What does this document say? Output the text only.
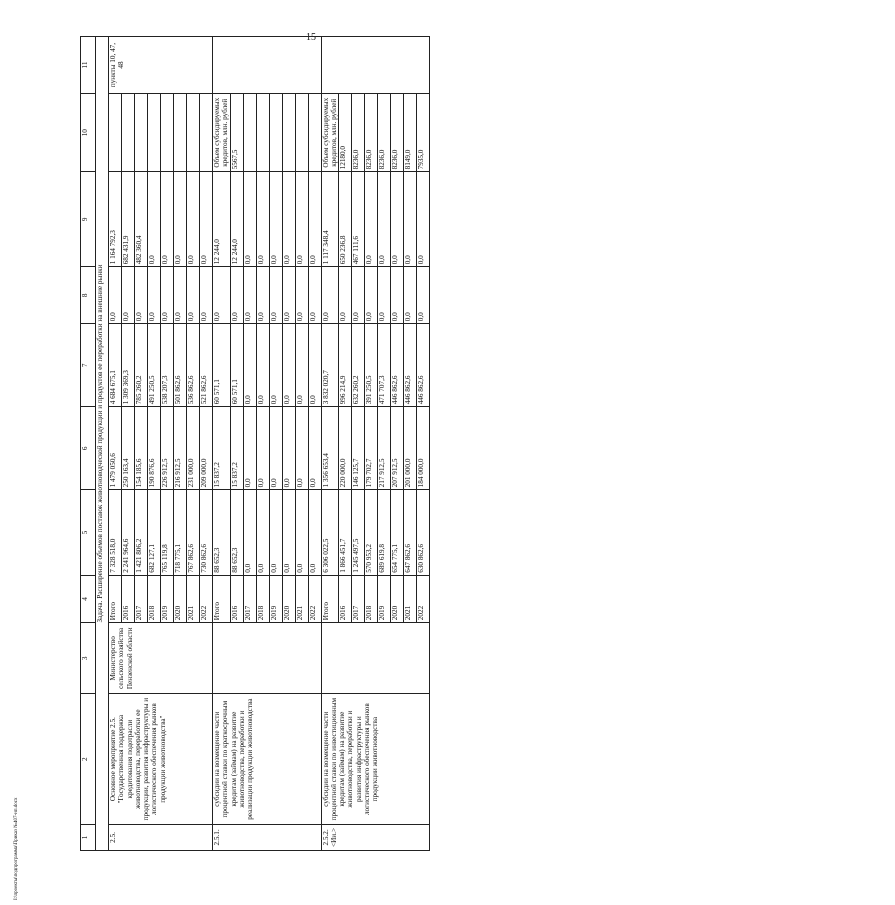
15
I:\проекты\подпрограмма\Приказ №407-нп.docx	1	2	3	4	5	6	7	8	9	10	11
Задача. Расширение объемов поставок животноводческой продукции и продуктов ее переработки на внешние рынки										
2.5.	Основное мероприятие 2.5. "Государственная поддержка кредитования подотрасли животноводства, переработки ее продукции, развития инфраструктуры и логистического обеспечения рынков продукции животноводства"	Министерство сельского хозяйства Пензенской области	Итого	7 328 518,0	1 479 050,6	4 684 675,1	0,0	1 164 792,3		пункты 10, 47, 48
			2016	2 241 964,6	250 163,4	1 309 369,3	0,0	682 431,9		
			2017	1 421 806,2	154 185,6	785 260,2	0,0	482 360,4		
			2018	682 127,1	190 876,6	491 250,5	0,0	0,0		
			2019	765 119,8	226 912,5	538 207,3	0,0	0,0		
			2020	718 775,1	216 912,5	501 862,6	0,0	0,0		
			2021	767 862,6	231 000,0	536 862,6	0,0	0,0		
			2022	730 862,6	209 000,0	521 862,6	0,0	0,0		
2.5.1.	субсидии на возмещение части процентной ставки по краткосрочным кредитам (займам) на развитие животноводства, переработки и реализации продукции животноводства		Итого	88 652,3	15 837,2	60 571,1	0,0	12 244,0	Объем субсидируемых кредитов, млн. рублей	
			2016	88 652,3	15 837,2	60 571,1	0,0	12 244,0	5567,5	
			2017	0,0	0,0	0,0	0,0	0,0		
			2018	0,0	0,0	0,0	0,0	0,0		
			2019	0,0	0,0	0,0	0,0	0,0		
			2020	0,0	0,0	0,0	0,0	0,0		
			2021	0,0	0,0	0,0	0,0	0,0		
			2022	0,0	0,0	0,0	0,0	0,0		
2.5.2. <Ии.>	субсидии на возмещение части процентной ставки по инвестиционным кредитам (займам) на развитие животноводства, переработки и развития инфраструктуры и логистического обеспечения рынков продукции животноводства		Итого	6 306 022,5	1 356 653,4	3 832 020,7	0,0	1 117 348,4	Объем субсидируемых кредитов, млн. рублей	
			2016	1 866 451,7	220 000,0	996 214,9	0,0	650 236,8	12180,0	
			2017	1 245 497,5	146 125,7	632 260,2	0,0	467 111,6	8236,0	
			2018	570 953,2	179 702,7	391 250,5	0,0	0,0	8236,0	
			2019	689 619,8	217 912,5	471 707,3	0,0	0,0	8236,0	
			2020	654 775,1	207 912,5	446 862,6	0,0	0,0	8236,0	
			2021	647 862,6	201 000,0	446 862,6	0,0	0,0	8149,0	
			2022	630 862,6	184 000,0	446 862,6	0,0	0,0	7935,0	
